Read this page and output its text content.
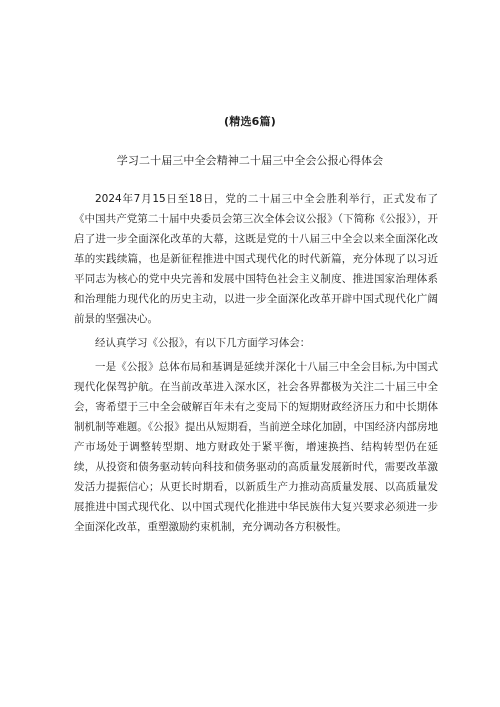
(精选6篇)
学习二十届三中全会精神二十届三中全会公报心得体会

2024年7月15日至18日，党的二十届三中全会胜利举行，正式发布了《中国共产党第二十届中央委员会第三次全体会议公报》（下简称《公报》），开启了进一步全面深化改革的大幕，这既是党的十八届三中全会以来全面深化改革的实践续篇，也是新征程推进中国式现代化的时代新篇，充分体现了以习近平同志为核心的党中央完善和发展中国特色社会主义制度、推进国家治理体系和治理能力现代化的历史主动，以进一步全面深化改革开辟中国式现代化广阔前景的坚强决心。

经认真学习《公报》，有以下几方面学习体会：

一是《公报》总体布局和基调是延续并深化十八届三中全会目标,为中国式现代化保驾护航。在当前改革进入深水区，社会各界都极为关注二十届三中全会，寄希望于三中全会破解百年未有之变局下的短期财政经济压力和中长期体制机制等难题。《公报》提出从短期看，当前逆全球化加剧，中国经济内部房地产市场处于调整转型期、地方财政处于紧平衡，增速换挡、结构转型仍在延续，从投资和债务驱动转向科技和债务驱动的高质量发展新时代，需要改革激发活力提振信心；从更长时期看，以新质生产力推动高质量发展、以高质量发展推进中国式现代化、以中国式现代化推进中华民族伟大复兴要求必须进一步全面深化改革，重塑激励约束机制，充分调动各方积极性。
